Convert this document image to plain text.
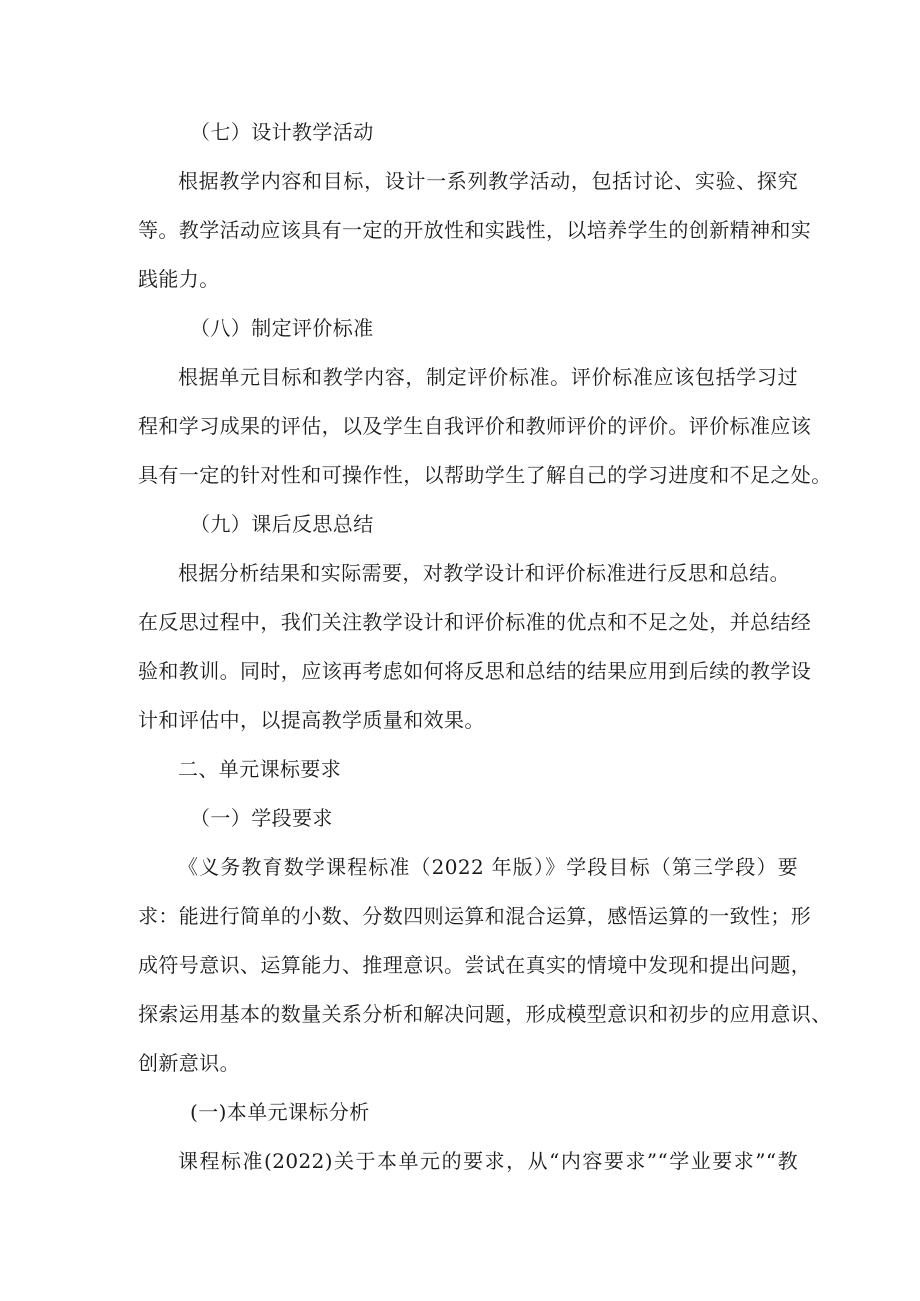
（七）设计教学活动
根据教学内容和目标，设计一系列教学活动，包括讨论、实验、探究
等。教学活动应该具有一定的开放性和实践性，以培养学生的创新精神和实
践能力。
（八）制定评价标准
根据单元目标和教学内容，制定评价标准。评价标准应该包括学习过
程和学习成果的评估，以及学生自我评价和教师评价的评价。评价标准应该
具有一定的针对性和可操作性，以帮助学生了解自己的学习进度和不足之处。
（九）课后反思总结
根据分析结果和实际需要，对教学设计和评价标准进行反思和总结。
在反思过程中，我们关注教学设计和评价标准的优点和不足之处，并总结经
验和教训。同时，应该再考虑如何将反思和总结的结果应用到后续的教学设
计和评估中，以提高教学质量和效果。
二、单元课标要求
（一）学段要求
《义务教育数学课程标准（2022 年版）》学段目标（第三学段）要
求：能进行简单的小数、分数四则运算和混合运算，感悟运算的一致性；形
成符号意识、运算能力、推理意识。尝试在真实的情境中发现和提出问题，
探索运用基本的数量关系分析和解决问题，形成模型意识和初步的应用意识、
创新意识。
(一)本单元课标分析
课程标准(2022)关于本单元的要求，从“内容要求”“学业要求”“教
